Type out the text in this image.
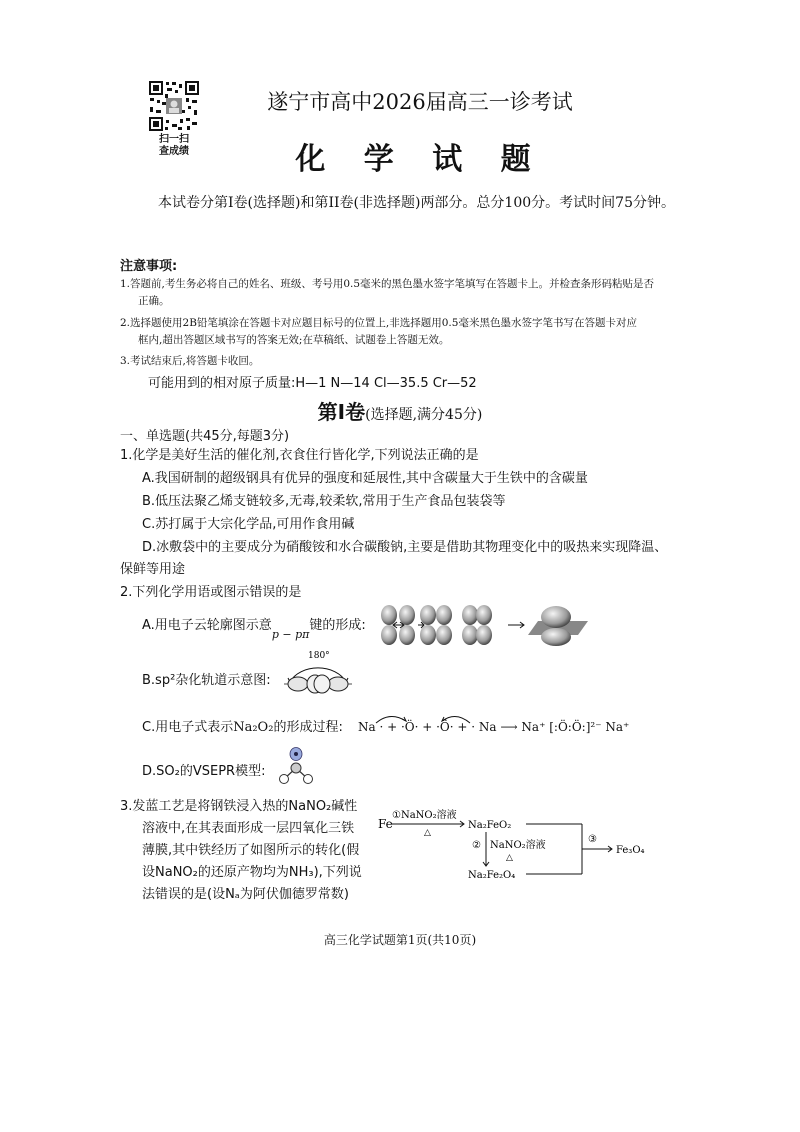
扫一扫
查成绩
遂宁市高中2026届高三一诊考试
化 学 试 题
本试卷分第Ⅰ卷(选择题)和第II卷(非选择题)两部分。总分100分。考试时间75分钟。
注意事项:
1.答题前,考生务必将自己的姓名、班级、考号用0.5毫米的黑色墨水签字笔填写在答题卡上。并检查条形码粘贴是否
正确。
2.选择题使用2B铅笔填涂在答题卡对应题目标号的位置上,非选择题用0.5毫米黑色墨水签字笔书写在答题卡对应
框内,超出答题区域书写的答案无效;在草稿纸、试题卷上答题无效。
3.考试结束后,将答题卡收回。
可能用到的相对原子质量:H—1 N—14 Cl—35.5 Cr—52
第Ⅰ卷(选择题,满分45分)
一、单选题(共45分,每题3分)
1.化学是美好生活的催化剂,衣食住行皆化学,下列说法正确的是
A.我国研制的超级钢具有优异的强度和延展性,其中含碳量大于生铁中的含碳量
B.低压法聚乙烯支链较多,无毒,较柔软,常用于生产食品包装袋等
C.苏打属于大宗化学品,可用作食用碱
D.冰敷袋中的主要成分为硝酸铵和水合碳酸钠,主要是借助其物理变化中的吸热来实现降温、
保鲜等用途
2.下列化学用语或图示错误的是
A.用电子云轮廓图示意$_{p - p\pi}$键的形成:
B.sp²杂化轨道示意图:
180°
C.用电子式表示Na₂O₂的形成过程: Na · + ·Ö· + ·Ö· + · Na ⟶ Na⁺ [:Ö:Ö:]²⁻ Na⁺
D.SO₂的VSEPR模型:
3.发蓝工艺是将钢铁浸入热的NaNO₂碱性
溶液中,在其表面形成一层四氧化三铁
薄膜,其中铁经历了如图所示的转化(假
设NaNO₂的还原产物均为NH₃),下列说
法错误的是(设Nₐ为阿伏伽德罗常数)
Fe
①NaNO₂溶液
△
Na₂FeO₂
② NaNO₂溶液
△
Na₂Fe₂O₄
③
Fe₃O₄
高三化学试题第1页(共10页)
